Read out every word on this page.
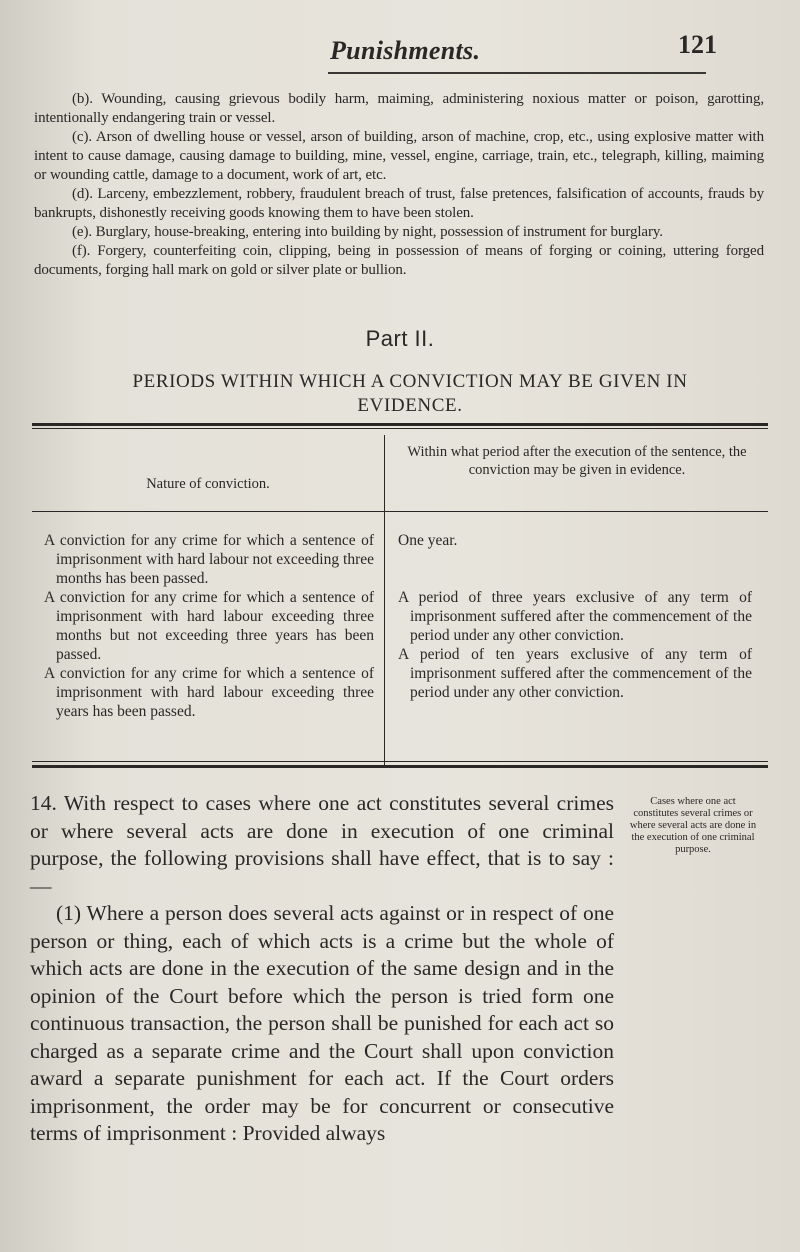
Punishments.	121

(b). Wounding, causing grievous bodily harm, maiming, administering noxious matter or poison, garotting, intentionally endangering train or vessel.

(c). Arson of dwelling house or vessel, arson of building, arson of machine, crop, etc., using explosive matter with intent to cause damage, causing damage to building, mine, vessel, engine, carriage, train, etc., telegraph, killing, maiming or wounding cattle, damage to a document, work of art, etc.

(d). Larceny, embezzlement, robbery, fraudulent breach of trust, false pretences, falsification of accounts, frauds by bankrupts, dishonestly receiving goods knowing them to have been stolen.

(e). Burglary, house-breaking, entering into building by night, possession of instrument for burglary.

(f). Forgery, counterfeiting coin, clipping, being in possession of means of forging or coining, uttering forged documents, forging hall mark on gold or silver plate or bullion.

Part II.
PERIODS WITHIN WHICH A CONVICTION MAY BE GIVEN IN EVIDENCE.
Nature of conviction.
Within what period after the execution of the sentence, the conviction may be given in evidence.

A conviction for any crime for which a sentence of imprisonment with hard labour not exceeding three months has been passed.

A conviction for any crime for which a sentence of imprisonment with hard labour exceeding three months but not exceeding three years has been passed.

A conviction for any crime for which a sentence of imprisonment with hard labour exceeding three years has been passed.

One year.

A period of three years exclusive of any term of imprisonment suffered after the commencement of the period under any other conviction.

A period of ten years exclusive of any term of imprisonment suffered after the commencement of the period under any other conviction.

14. With respect to cases where one act constitutes several crimes or where several acts are done in execution of one criminal purpose, the following provisions shall have effect, that is to say :—

(1) Where a person does several acts against or in respect of one person or thing, each of which acts is a crime but the whole of which acts are done in the execution of the same design and in the opinion of the Court before which the person is tried form one continuous transaction, the person shall be punished for each act so charged as a separate crime and the Court shall upon conviction award a separate punishment for each act. If the Court orders imprisonment, the order may be for concurrent or consecutive terms of imprisonment : Provided always

Cases where one act constitutes several crimes or where several acts are done in the execution of one criminal purpose.
